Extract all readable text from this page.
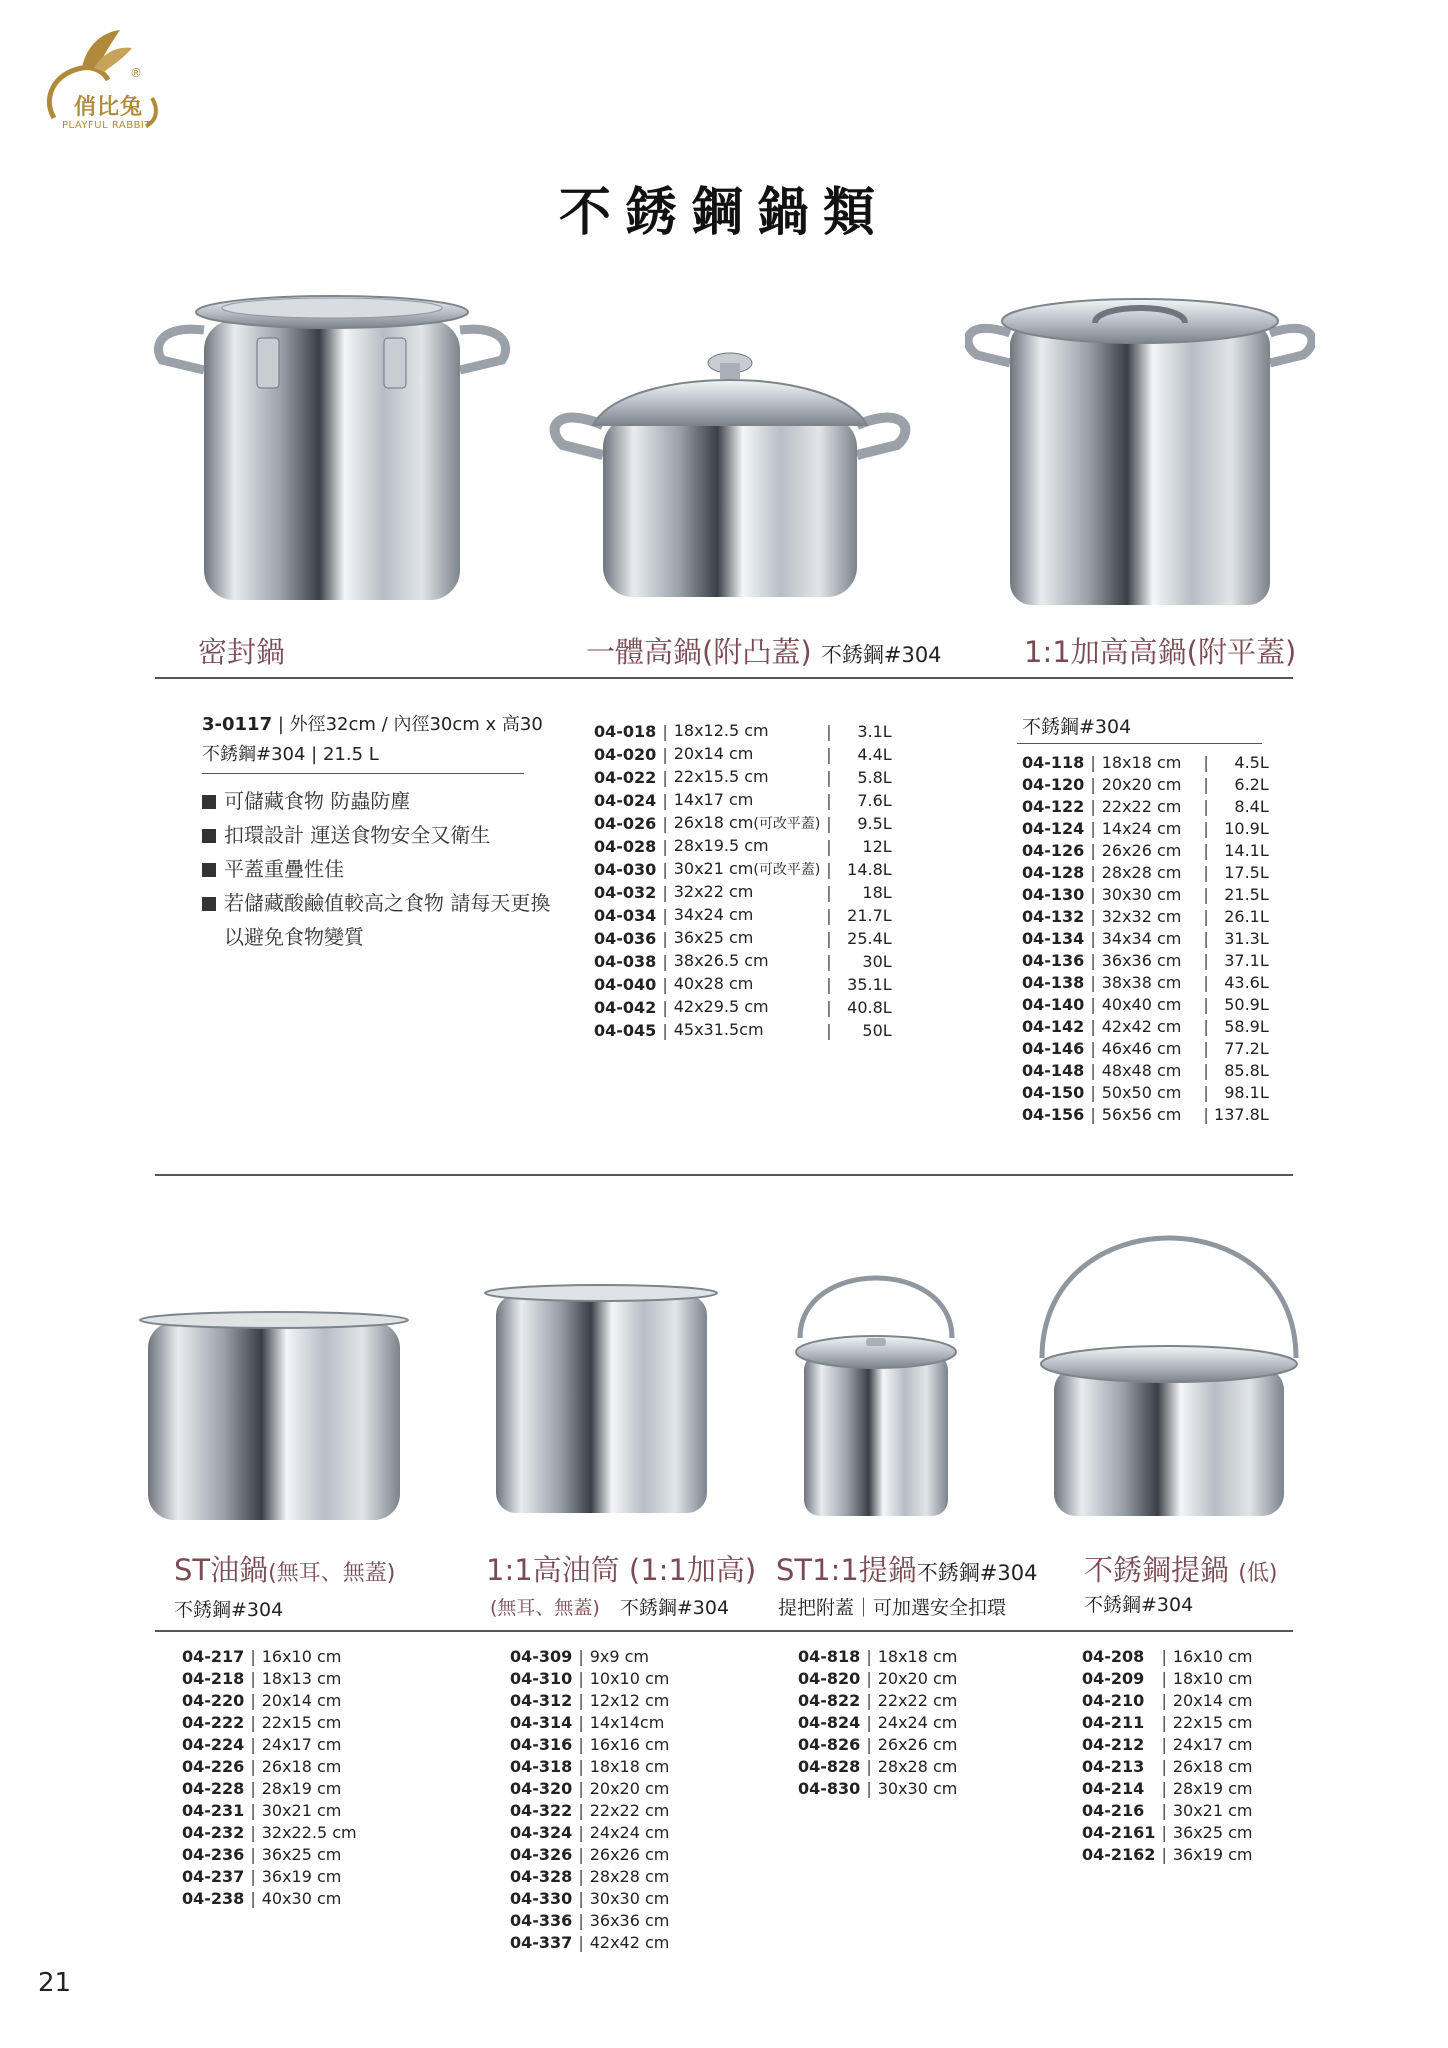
俏比兔
®
PLAYFUL RABBIT
不銹鋼鍋類
密封鍋	一體高鍋(附凸蓋) 不銹鋼#304	1:1加高高鍋(附平蓋)
3-0117 | 外徑32cm / 內徑30cm x 高30
不銹鋼#304 | 21.5 L
可儲藏食物 防蟲防塵
扣環設計 運送食物安全又衛生
平蓋重疊性佳
若儲藏酸鹼值較高之食物 請每天更換
以避免食物變質
04-018	|	18x12.5 cm	|	3.1L
04-020	|	20x14 cm	|	4.4L
04-022	|	22x15.5 cm	|	5.8L
04-024	|	14x17 cm	|	7.6L
04-026	|	26x18 cm(可改平蓋)	|	9.5L
04-028	|	28x19.5 cm	|	12L
04-030	|	30x21 cm(可改平蓋)	|	14.8L
04-032	|	32x22 cm	|	18L
04-034	|	34x24 cm	|	21.7L
04-036	|	36x25 cm	|	25.4L
04-038	|	38x26.5 cm	|	30L
04-040	|	40x28 cm	|	35.1L
04-042	|	42x29.5 cm	|	40.8L
04-045	|	45x31.5cm	|	50L
不銹鋼#304
04-118	|	18x18 cm	|	4.5L
04-120	|	20x20 cm	|	6.2L
04-122	|	22x22 cm	|	8.4L
04-124	|	14x24 cm	|	10.9L
04-126	|	26x26 cm	|	14.1L
04-128	|	28x28 cm	|	17.5L
04-130	|	30x30 cm	|	21.5L
04-132	|	32x32 cm	|	26.1L
04-134	|	34x34 cm	|	31.3L
04-136	|	36x36 cm	|	37.1L
04-138	|	38x38 cm	|	43.6L
04-140	|	40x40 cm	|	50.9L
04-142	|	42x42 cm	|	58.9L
04-146	|	46x46 cm	|	77.2L
04-148	|	48x48 cm	|	85.8L
04-150	|	50x50 cm	|	98.1L
04-156	|	56x56 cm	|	137.8L
ST油鍋(無耳、無蓋)
不銹鋼#304
1:1高油筒 (1:1加高)
(無耳、無蓋) 不銹鋼#304
ST1:1提鍋不銹鋼#304
提把附蓋｜可加選安全扣環
不銹鋼提鍋 (低)
不銹鋼#304
04-217	|	16x10 cm
04-218	|	18x13 cm
04-220	|	20x14 cm
04-222	|	22x15 cm
04-224	|	24x17 cm
04-226	|	26x18 cm
04-228	|	28x19 cm
04-231	|	30x21 cm
04-232	|	32x22.5 cm
04-236	|	36x25 cm
04-237	|	36x19 cm
04-238	|	40x30 cm
04-309	|	9x9 cm
04-310	|	10x10 cm
04-312	|	12x12 cm
04-314	|	14x14cm
04-316	|	16x16 cm
04-318	|	18x18 cm
04-320	|	20x20 cm
04-322	|	22x22 cm
04-324	|	24x24 cm
04-326	|	26x26 cm
04-328	|	28x28 cm
04-330	|	30x30 cm
04-336	|	36x36 cm
04-337	|	42x42 cm
04-818	|	18x18 cm
04-820	|	20x20 cm
04-822	|	22x22 cm
04-824	|	24x24 cm
04-826	|	26x26 cm
04-828	|	28x28 cm
04-830	|	30x30 cm
04-208	|	16x10 cm
04-209	|	18x10 cm
04-210	|	20x14 cm
04-211	|	22x15 cm
04-212	|	24x17 cm
04-213	|	26x18 cm
04-214	|	28x19 cm
04-216	|	30x21 cm
04-2161	|	36x25 cm
04-2162	|	36x19 cm
21
